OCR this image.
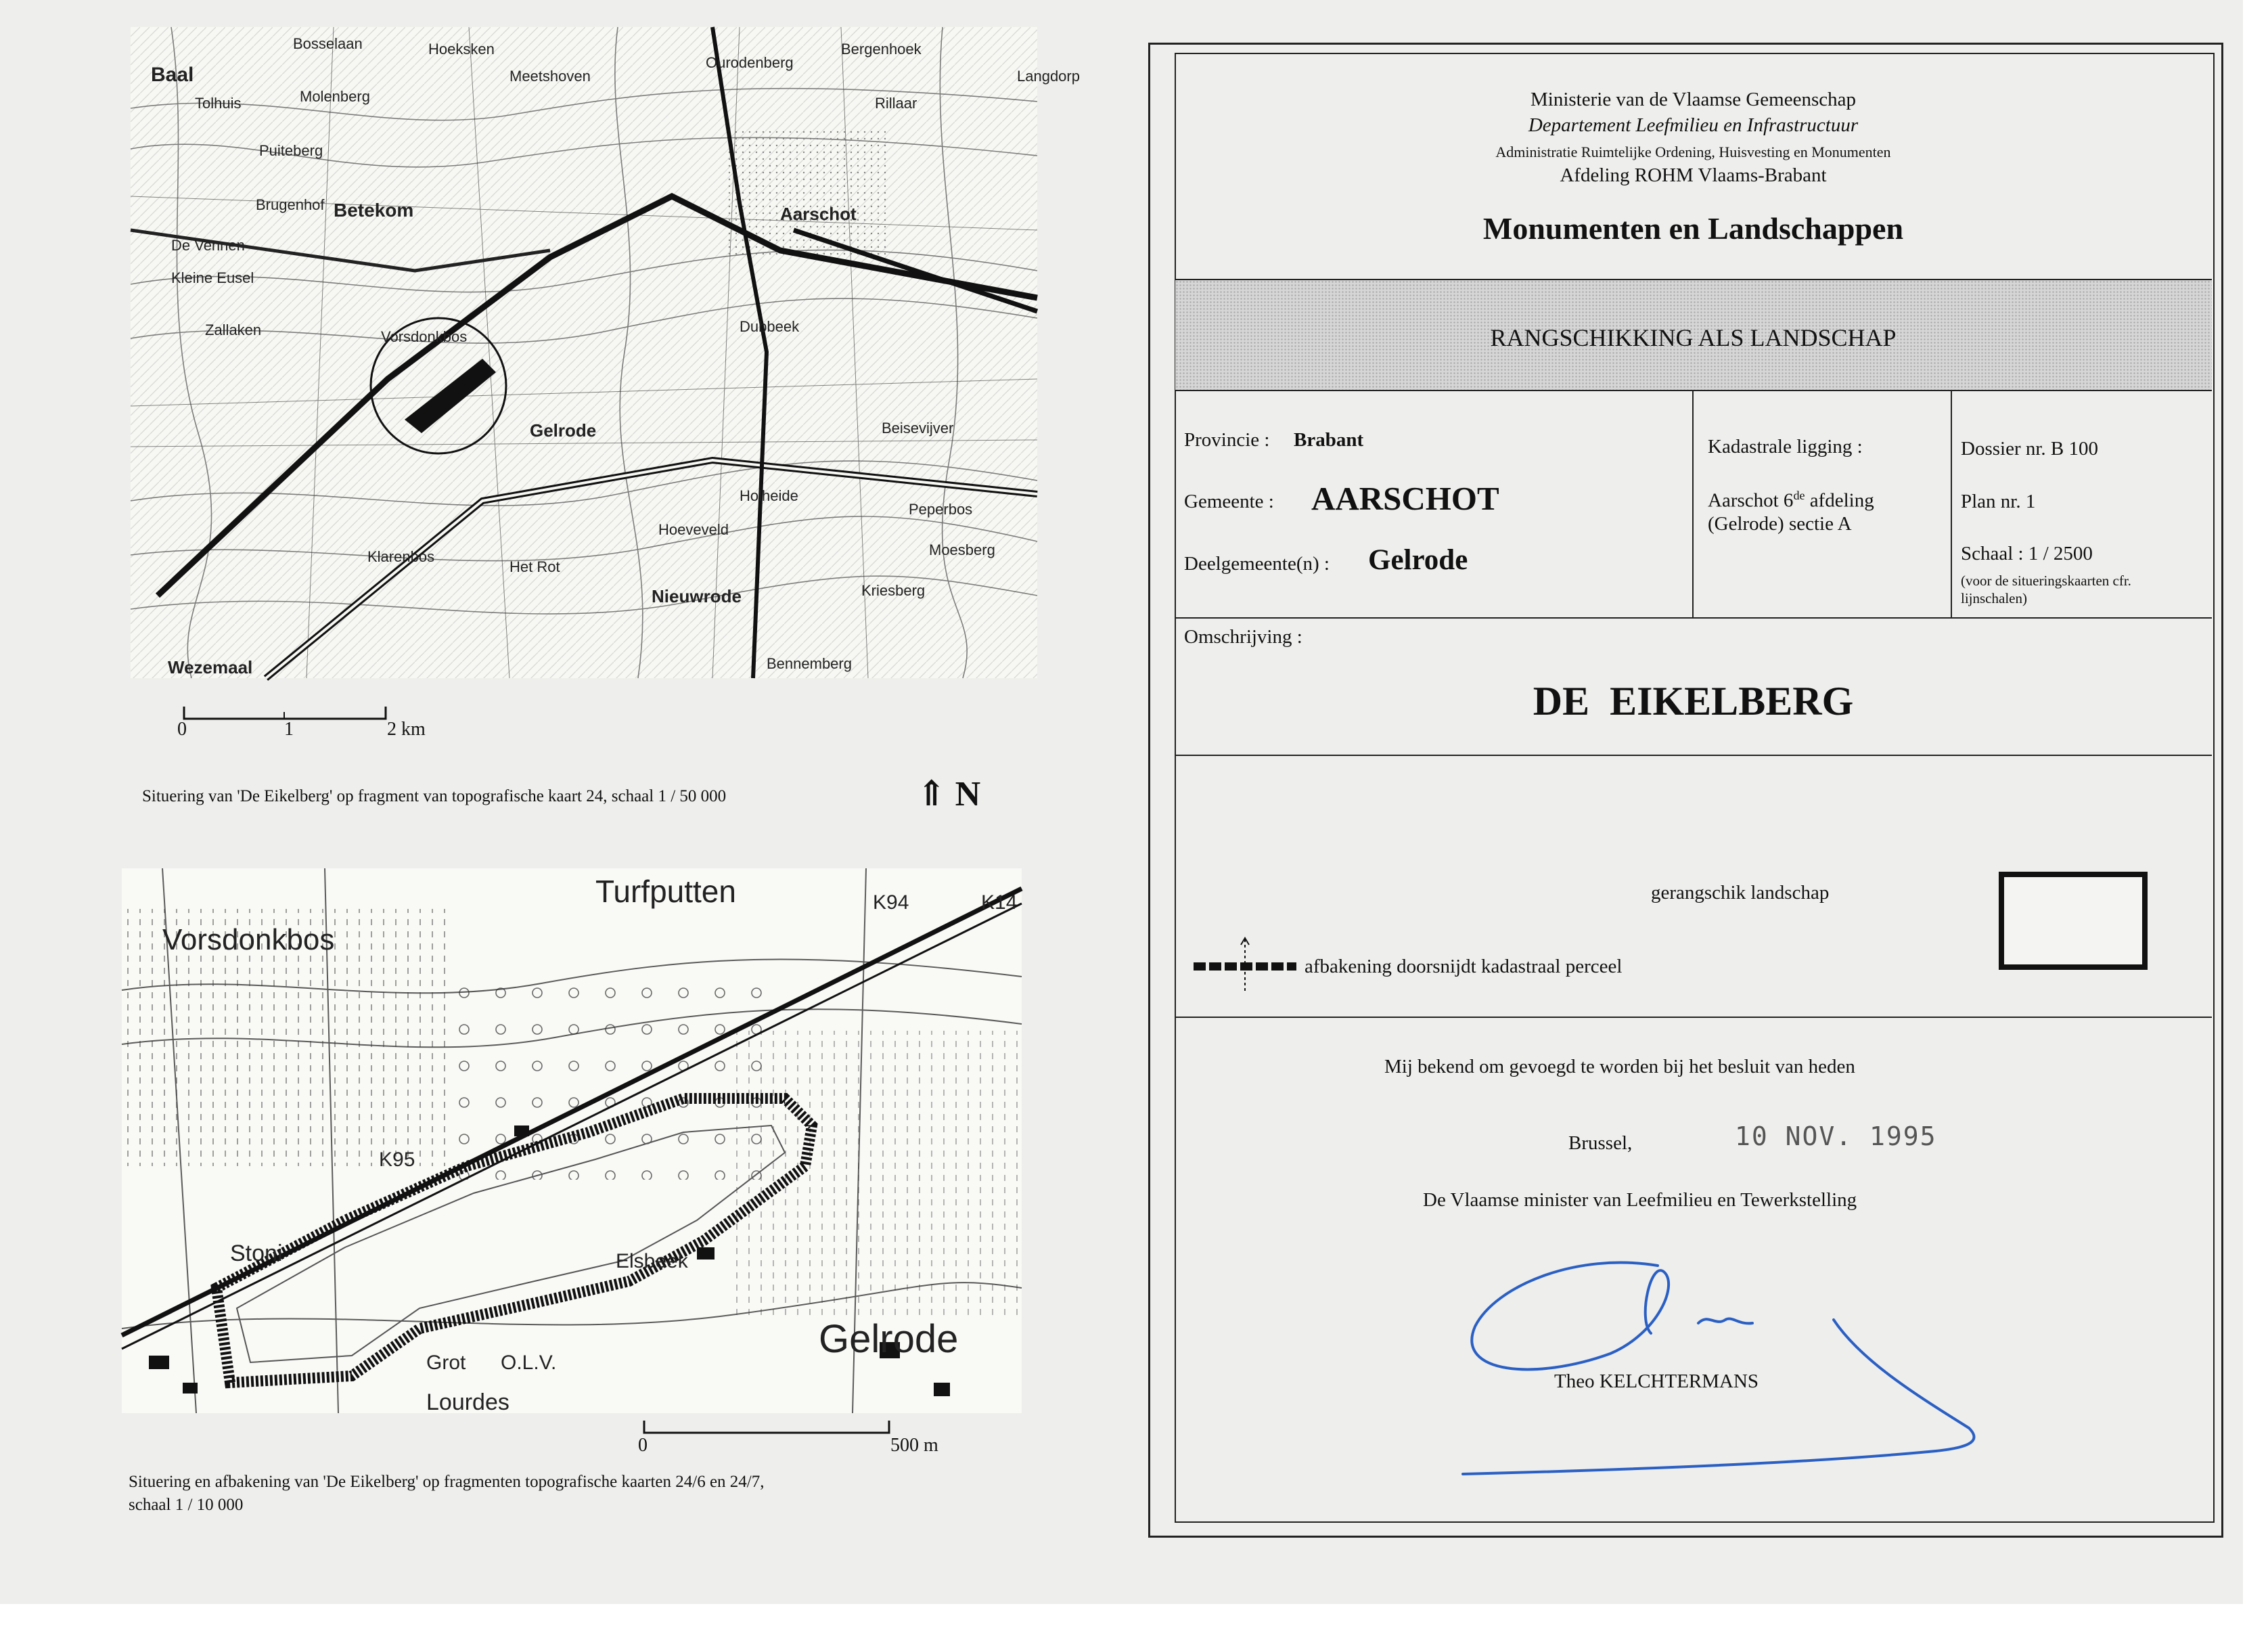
Baal
Tolhuis
Bosselaan	Hoeksken
Meetshoven
Ourodenberg
Bergenhoek
Molenberg
Puiteberg
Aarschot
Betekom
Brugenhof
Rillaar
De Vennen
Kleine Eusel
Zallaken	Vorsdonkbos
Gelrode
Nieuwrode
Wezemaal
Hoeveveld
Holheide
Klarenbos
Het Rot
Kriesberg
Peperbos
Moesberg
Dubbeek
Beisevijver
Bennemberg
Langdorp
0	1	2 km
Situering van 'De Eikelberg' op fragment van topografische kaart 24, schaal 1 / 50 000	⇑ N
Turfputten
Vorsdonkbos
K94	K14
K95
Stoni
Gelrode
Lourdes
O.L.V.
Grot
Elsbeek
0	500 m
Situering en afbakening van 'De Eikelberg' op fragmenten topografische kaarten 24/6 en 24/7,
schaal 1 / 10 000
Ministerie van de Vlaamse Gemeenschap
Departement Leefmilieu en Infrastructuur
Administratie Ruimtelijke Ordening, Huisvesting en Monumenten
Afdeling ROHM Vlaams-Brabant
Monumenten en Landschappen
RANGSCHIKKING ALS LANDSCHAP
Provincie : Brabant
Gemeente : AARSCHOT
Deelgemeente(n) : Gelrode
Kadastrale ligging :
Aarschot 6de afdeling
(Gelrode) sectie A
Dossier nr. B 100
Plan nr. 1
Schaal : 1 / 2500
(voor de situeringskaarten cfr.
lijnschalen)
Omschrijving :
DE  EIKELBERG
gerangschik landschap
afbakening doorsnijdt kadastraal perceel
Mij bekend om gevoegd te worden bij het besluit van heden
Brussel,	10 NOV. 1995
De Vlaamse minister van Leefmilieu en Tewerkstelling
Theo KELCHTERMANS
